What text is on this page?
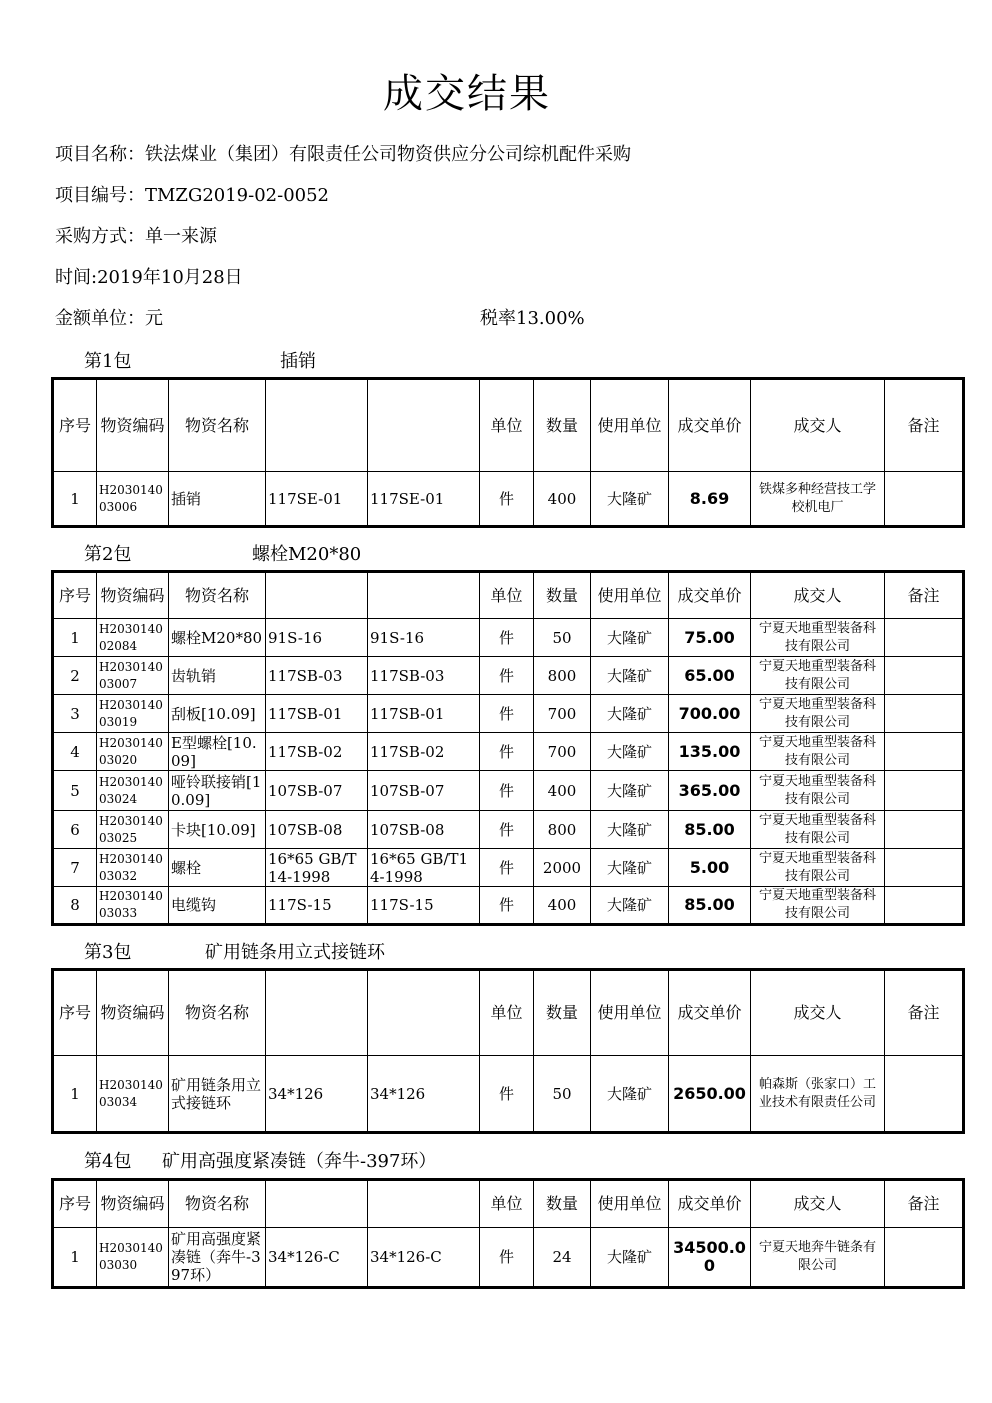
成交结果
项目名称：铁法煤业（集团）有限责任公司物资供应分公司综机配件采购
项目编号：TMZG2019-02-0052
采购方式：单一来源
时间:2019年10月28日
金额单位：元	税率13.00%
第1包	插销
序号	物资编码	物资名称			单位	数量	使用单位	成交单价	成交人	备注
1	H203014003006	插销	117SE-01	117SE-01	件	400	大隆矿	8.69	铁煤多种经营技工学校机电厂	
第2包	螺栓M20*80
序号	物资编码	物资名称			单位	数量	使用单位	成交单价	成交人	备注
1	H203014002084	螺栓M20*80	91S-16	91S-16	件	50	大隆矿	75.00	宁夏天地重型装备科技有限公司	
2	H203014003007	齿轨销	117SB-03	117SB-03	件	800	大隆矿	65.00	宁夏天地重型装备科技有限公司	
3	H203014003019	刮板[10.09]	117SB-01	117SB-01	件	700	大隆矿	700.00	宁夏天地重型装备科技有限公司	
4	H203014003020	E型螺栓[10.09]	117SB-02	117SB-02	件	700	大隆矿	135.00	宁夏天地重型装备科技有限公司	
5	H203014003024	哑铃联接销[10.09]	107SB-07	107SB-07	件	400	大隆矿	365.00	宁夏天地重型装备科技有限公司	
6	H203014003025	卡块[10.09]	107SB-08	107SB-08	件	800	大隆矿	85.00	宁夏天地重型装备科技有限公司	
7	H203014003032	螺栓	16*65 GB/T14-1998	16*65 GB/T14-1998	件	2000	大隆矿	5.00	宁夏天地重型装备科技有限公司	
8	H203014003033	电缆钩	117S-15	117S-15	件	400	大隆矿	85.00	宁夏天地重型装备科技有限公司	
第3包	矿用链条用立式接链环
序号	物资编码	物资名称			单位	数量	使用单位	成交单价	成交人	备注
1	H203014003034	矿用链条用立式接链环	34*126	34*126	件	50	大隆矿	2650.00	帕森斯（张家口）工业技术有限责任公司	
第4包 矿用高强度紧凑链（奔牛-397环）
序号	物资编码	物资名称			单位	数量	使用单位	成交单价	成交人	备注
1	H203014003030	矿用高强度紧凑链（奔牛-397环）	34*126-C	34*126-C	件	24	大隆矿	34500.00	宁夏天地奔牛链条有限公司	
